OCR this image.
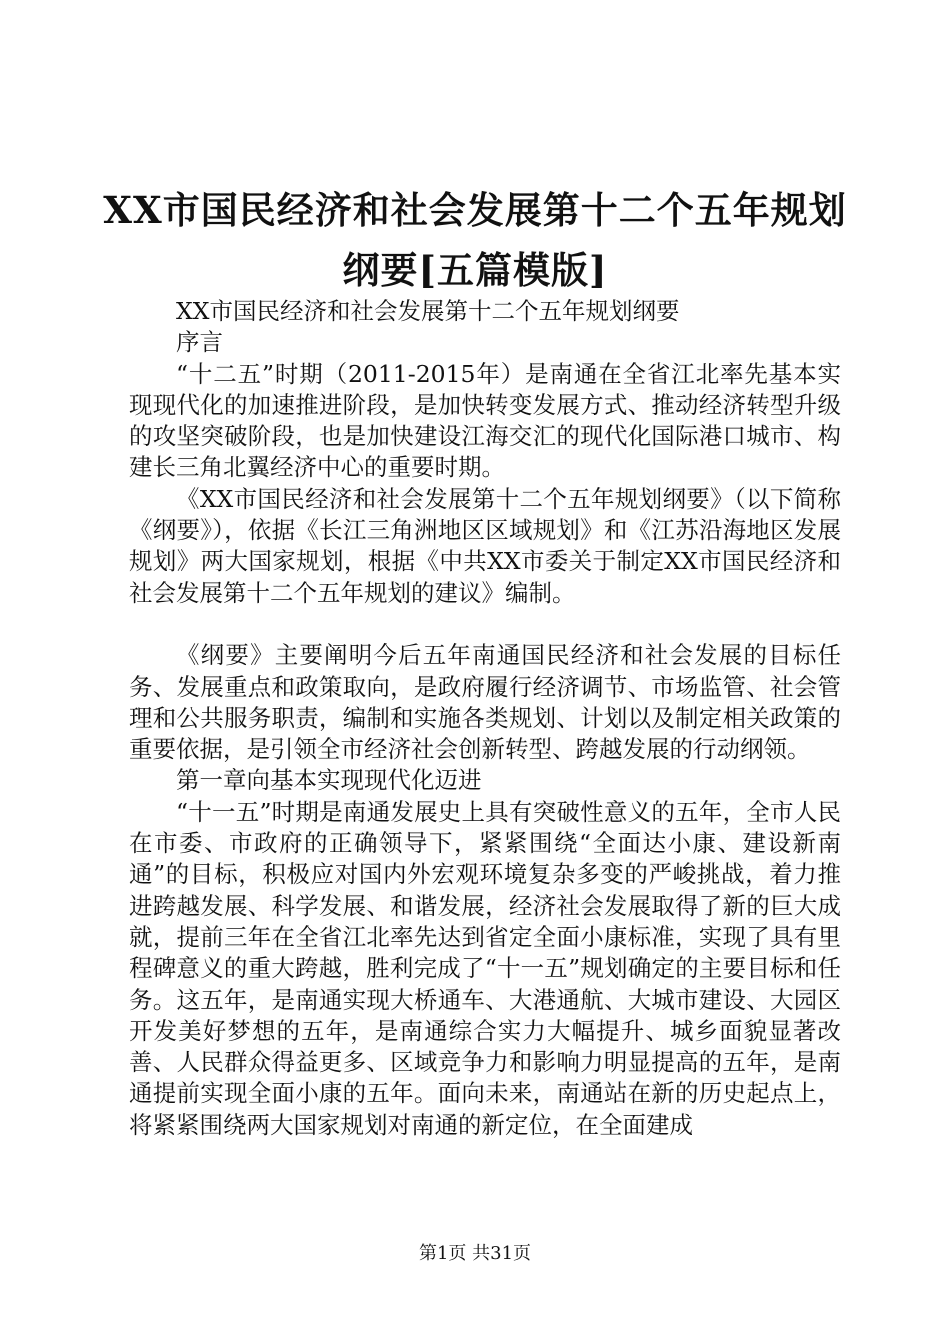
XX市国民经济和社会发展第十二个五年规划
纲要[五篇模版]

XX市国民经济和社会发展第十二个五年规划纲要

序言

“十二五”时期（2011-2015年）是南通在全省江北率先基本实现现代化的加速推进阶段，是加快转变发展方式、推动经济转型升级的攻坚突破阶段，也是加快建设江海交汇的现代化国际港口城市、构建长三角北翼经济中心的重要时期。

《XX市国民经济和社会发展第十二个五年规划纲要》（以下简称《纲要》），依据《长江三角洲地区区域规划》和《江苏沿海地区发展规划》两大国家规划，根据《中共XX市委关于制定XX市国民经济和社会发展第十二个五年规划的建议》编制。

《纲要》主要阐明今后五年南通国民经济和社会发展的目标任务、发展重点和政策取向，是政府履行经济调节、市场监管、社会管理和公共服务职责，编制和实施各类规划、计划以及制定相关政策的重要依据，是引领全市经济社会创新转型、跨越发展的行动纲领。

第一章向基本实现现代化迈进

“十一五”时期是南通发展史上具有突破性意义的五年，全市人民在市委、市政府的正确领导下，紧紧围绕“全面达小康、建设新南通”的目标，积极应对国内外宏观环境复杂多变的严峻挑战，着力推进跨越发展、科学发展、和谐发展，经济社会发展取得了新的巨大成就，提前三年在全省江北率先达到省定全面小康标准，实现了具有里程碑意义的重大跨越，胜利完成了“十一五”规划确定的主要目标和任务。这五年，是南通实现大桥通车、大港通航、大城市建设、大园区开发美好梦想的五年，是南通综合实力大幅提升、城乡面貌显著改善、人民群众得益更多、区域竞争力和影响力明显提高的五年，是南通提前实现全面小康的五年。面向未来，南通站在新的历史起点上，将紧紧围绕两大国家规划对南通的新定位，在全面建成

第1页 共31页
